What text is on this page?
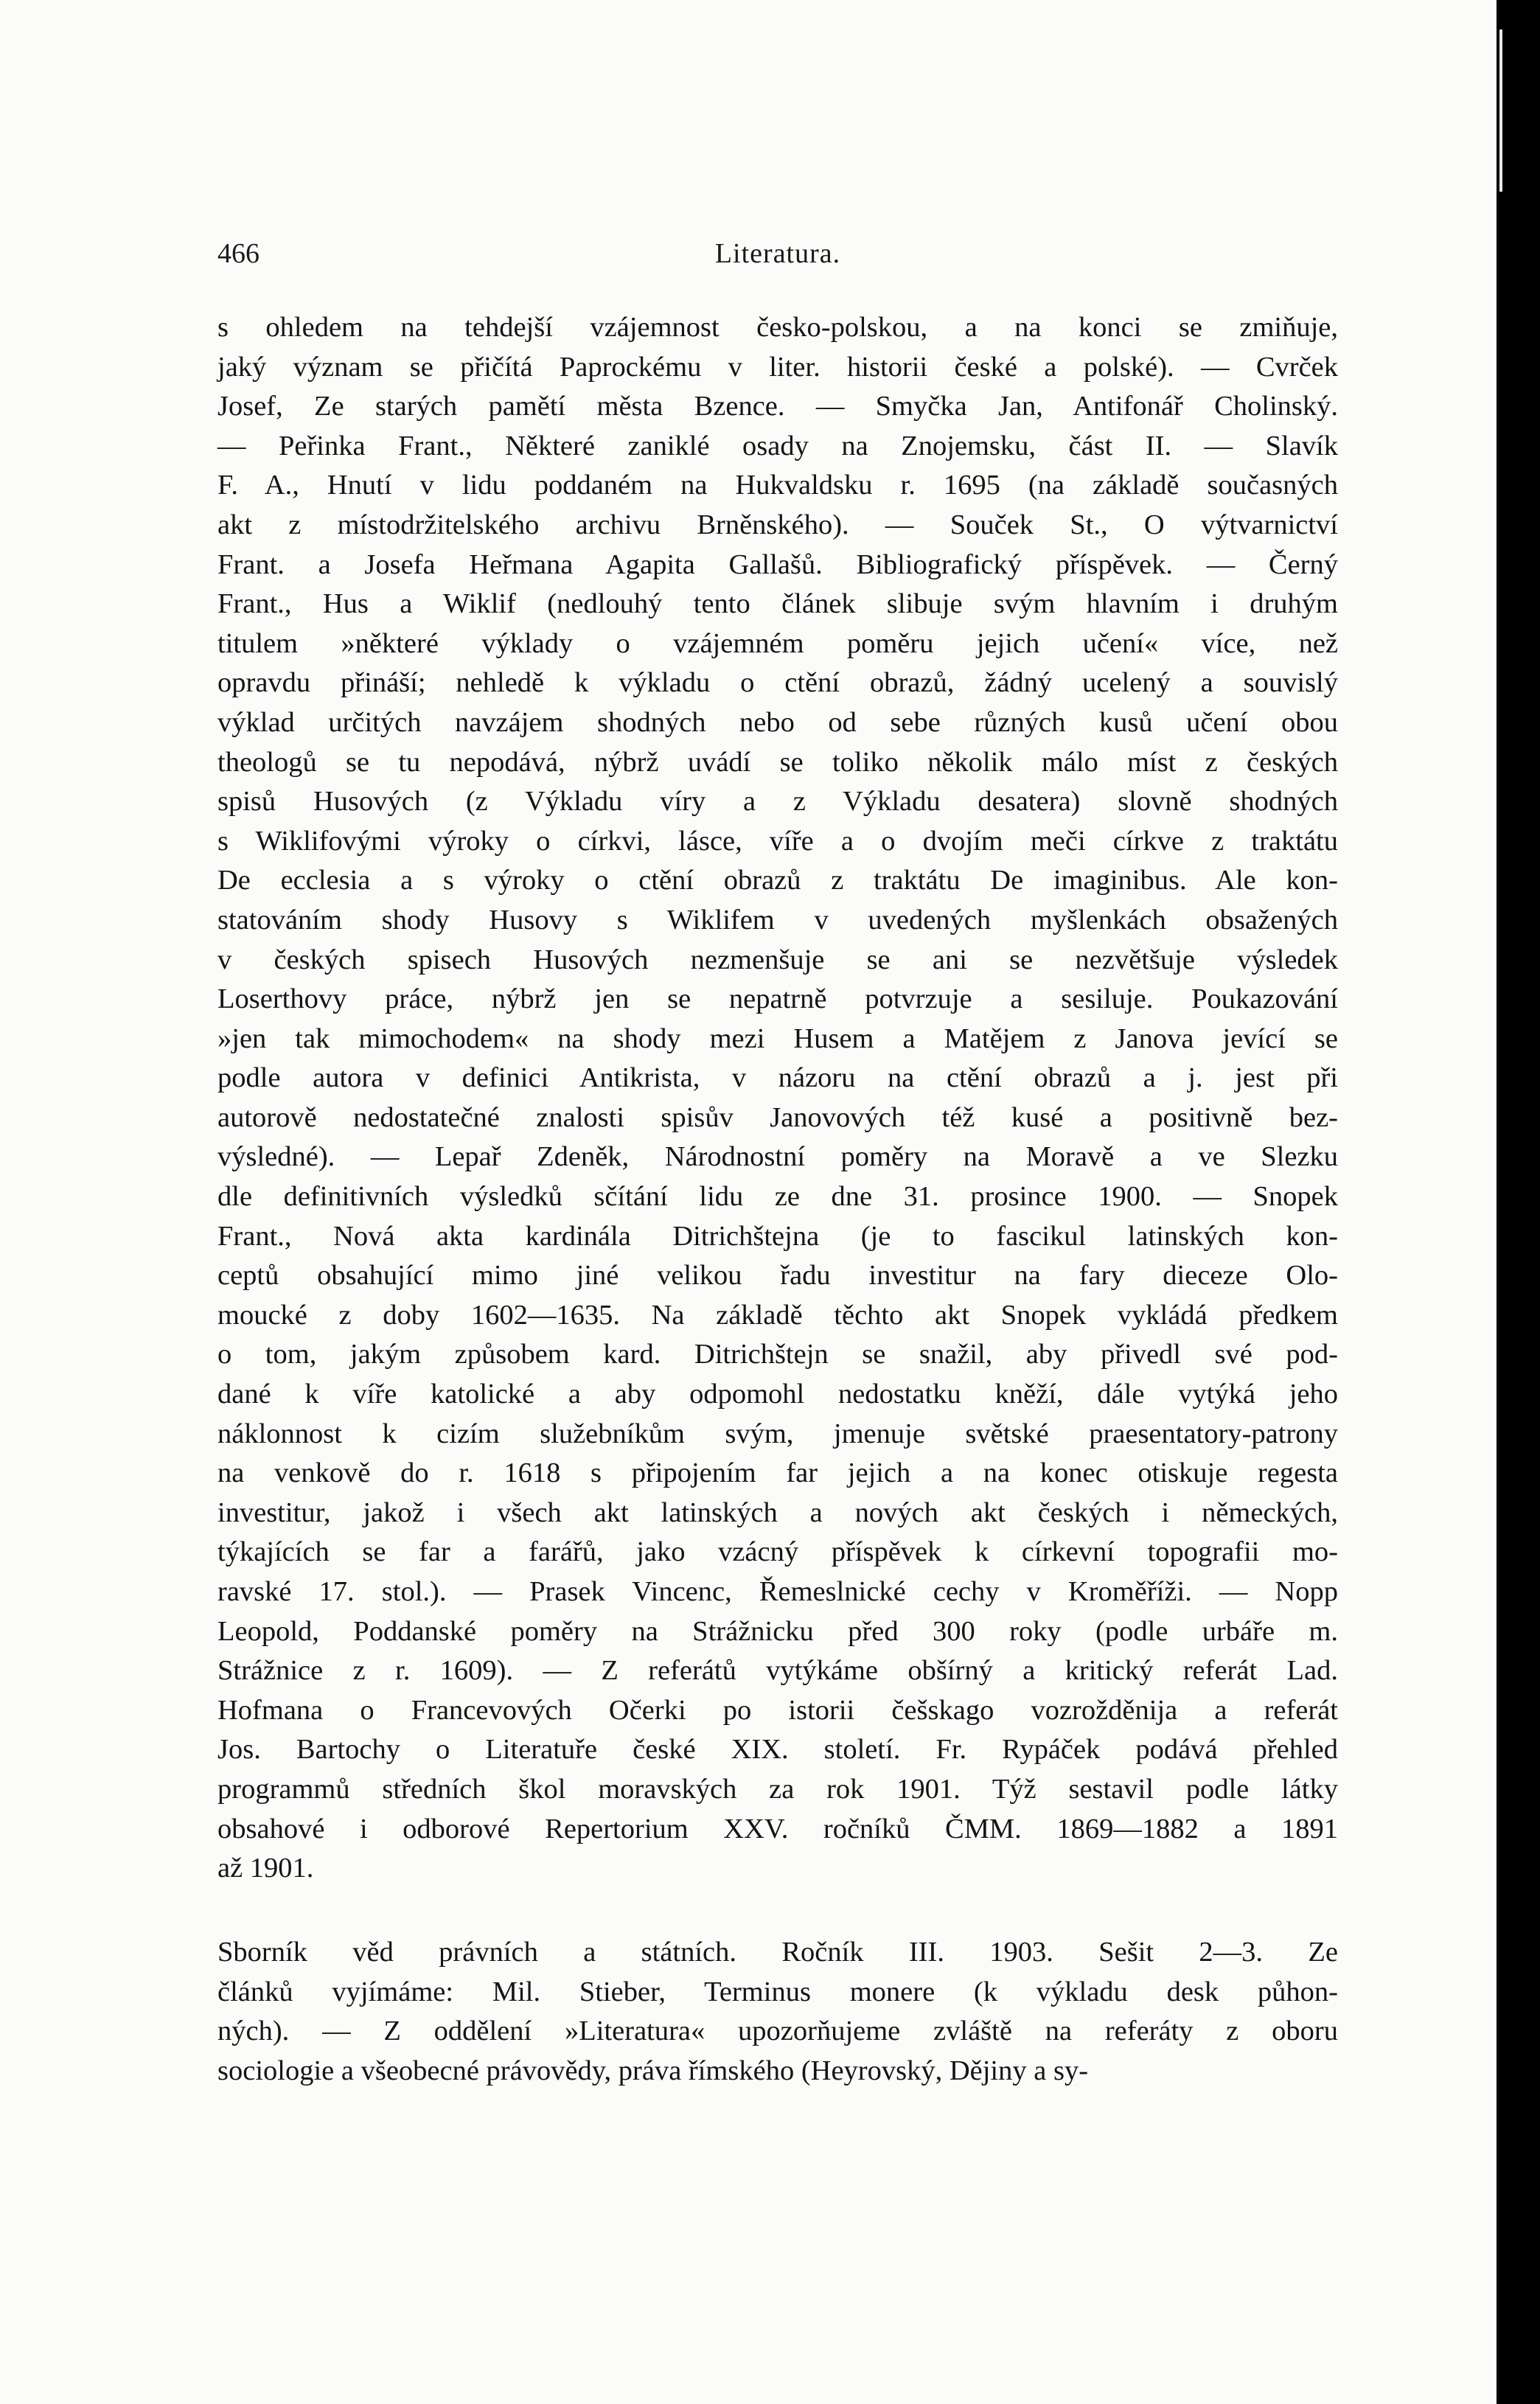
466	Literatura.
s ohledem na tehdejší vzájemnost česko-polskou, a na konci se zmiňuje,
jaký význam se přičítá Paprockému v liter. historii české a polské). — Cvrček
Josef, Ze starých pamětí města Bzence. — Smyčka Jan, Antifonář Cholinský.
— Peřinka Frant., Některé zaniklé osady na Znojemsku, část II. — Slavík
F. A., Hnutí v lidu poddaném na Hukvaldsku r. 1695 (na základě současných
akt z místodržitelského archivu Brněnského). — Souček St., O výtvarnictví
Frant. a Josefa Heřmana Agapita Gallašů. Bibliografický příspěvek. — Černý
Frant., Hus a Wiklif (nedlouhý tento článek slibuje svým hlavním i druhým
titulem »některé výklady o vzájemném poměru jejich učení« více, než
opravdu přináší; nehledě k výkladu o ctění obrazů, žádný ucelený a souvislý
výklad určitých navzájem shodných nebo od sebe různých kusů učení obou
theologů se tu nepodává, nýbrž uvádí se toliko několik málo míst z českých
spisů Husových (z Výkladu víry a z Výkladu desatera) slovně shodných
s Wiklifovými výroky o církvi, lásce, víře a o dvojím meči církve z traktátu
De ecclesia a s výroky o ctění obrazů z traktátu De imaginibus. Ale kon-
statováním shody Husovy s Wiklifem v uvedených myšlenkách obsažených
v českých spisech Husových nezmenšuje se ani se nezvětšuje výsledek
Loserthovy práce, nýbrž jen se nepatrně potvrzuje a sesiluje. Poukazování
»jen tak mimochodem« na shody mezi Husem a Matějem z Janova jevící se
podle autora v definici Antikrista, v názoru na ctění obrazů a j. jest při
autorově nedostatečné znalosti spisův Janovových též kusé a positivně bez-
výsledné). — Lepař Zdeněk, Národnostní poměry na Moravě a ve Slezku
dle definitivních výsledků sčítání lidu ze dne 31. prosince 1900. — Snopek
Frant., Nová akta kardinála Ditrichštejna (je to fascikul latinských kon-
ceptů obsahující mimo jiné velikou řadu investitur na fary dieceze Olo-
moucké z doby 1602—1635. Na základě těchto akt Snopek vykládá předkem
o tom, jakým způsobem kard. Ditrichštejn se snažil, aby přivedl své pod-
dané k víře katolické a aby odpomohl nedostatku kněží, dále vytýká jeho
náklonnost k cizím služebníkům svým, jmenuje světské praesentatory-patrony
na venkově do r. 1618 s připojením far jejich a na konec otiskuje regesta
investitur, jakož i všech akt latinských a nových akt českých i německých,
týkajících se far a farářů, jako vzácný příspěvek k církevní topografii mo-
ravské 17. stol.). — Prasek Vincenc, Řemeslnické cechy v Kroměříži. — Nopp
Leopold, Poddanské poměry na Strážnicku před 300 roky (podle urbáře m.
Strážnice z r. 1609). — Z referátů vytýkáme obšírný a kritický referát Lad.
Hofmana o Francevových Očerki po istorii češskago vozrožděnija a referát
Jos. Bartochy o Literatuře české XIX. století. Fr. Rypáček podává přehled
programmů středních škol moravských za rok 1901. Týž sestavil podle látky
obsahové i odborové Repertorium XXV. ročníků ČMM. 1869—1882 a 1891
až 1901.
Sborník věd právních a státních. Ročník III. 1903. Sešit 2—3. Ze
článků vyjímáme: Mil. Stieber, Terminus monere (k výkladu desk půhon-
ných). — Z oddělení »Literatura« upozorňujeme zvláště na referáty z oboru
sociologie a všeobecné právovědy, práva římského (Heyrovský, Dějiny a sy-
